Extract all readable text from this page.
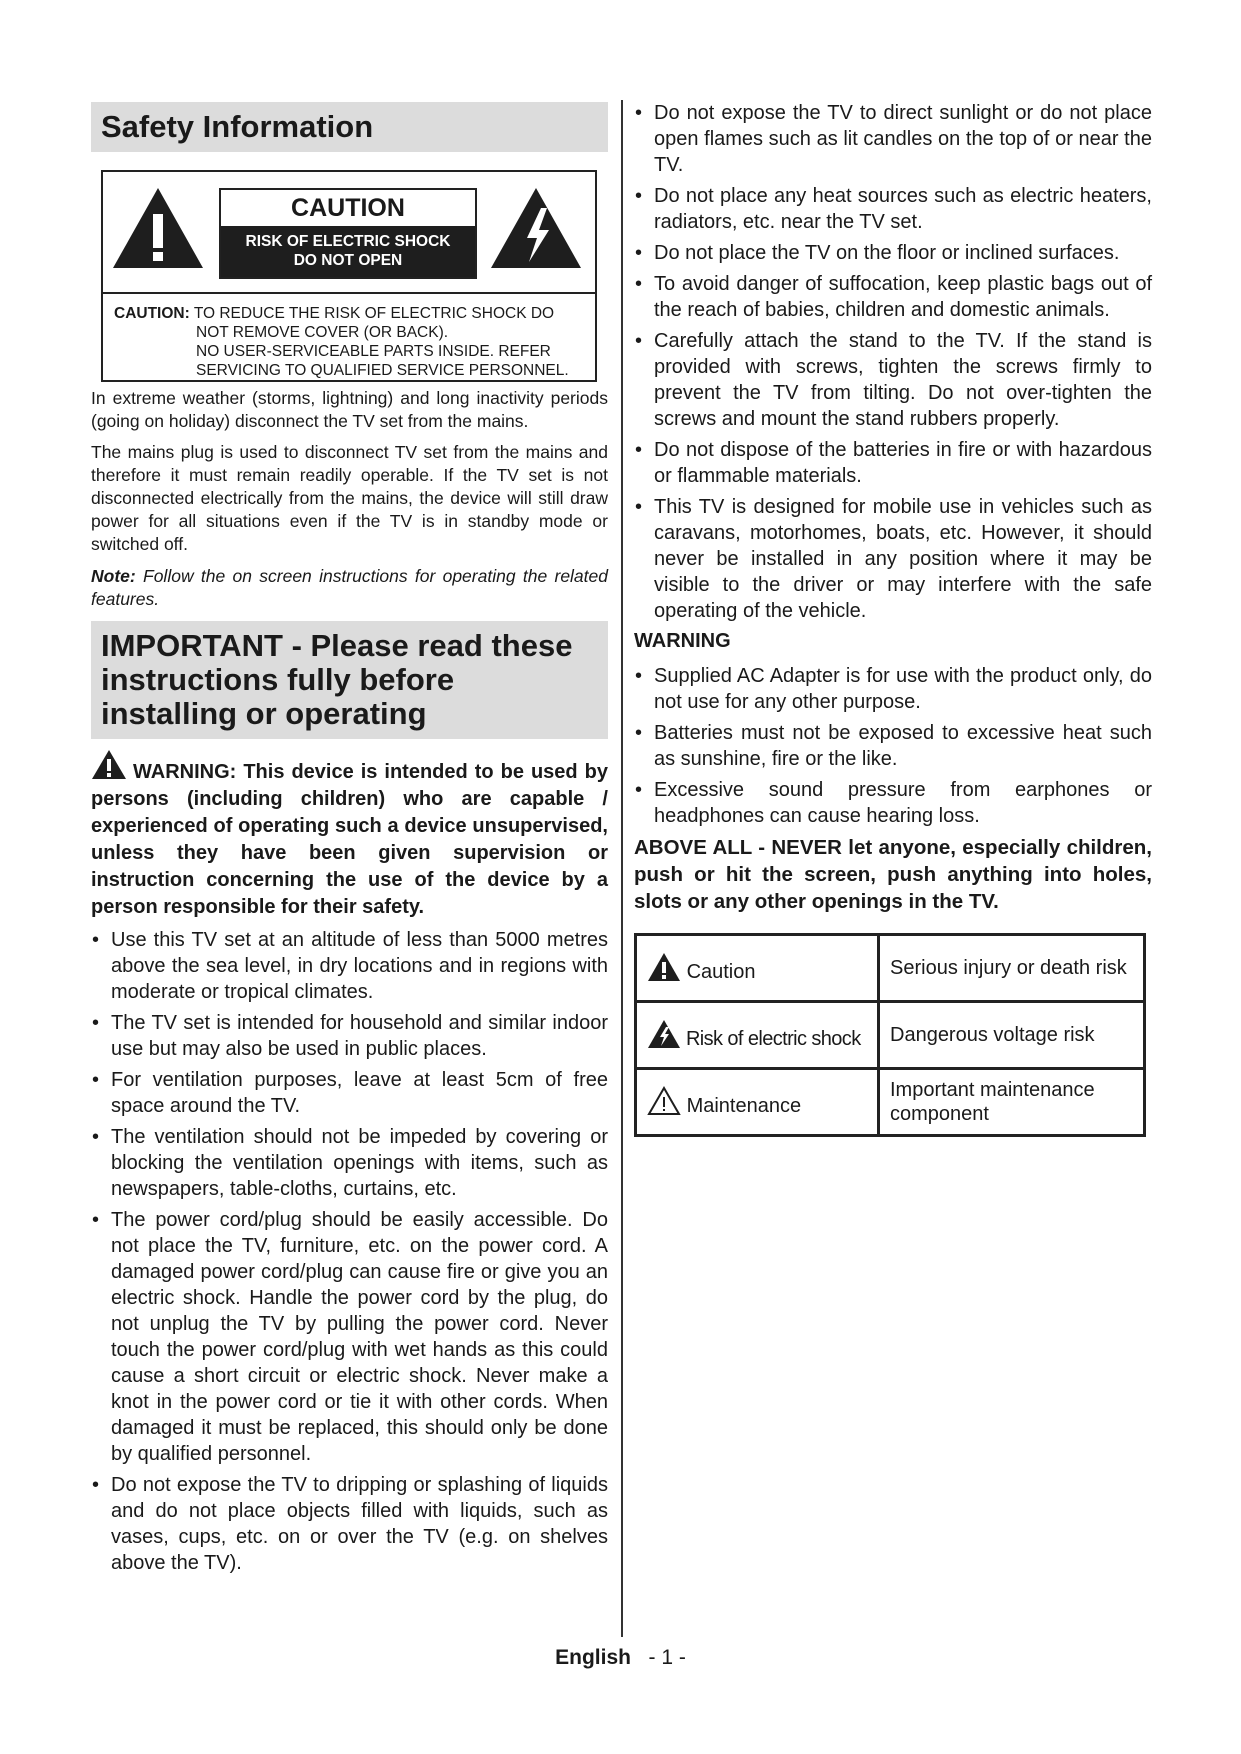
Safety Information
CAUTION
RISK OF ELECTRIC SHOCK
DO NOT OPEN
CAUTION: TO REDUCE THE RISK OF ELECTRIC SHOCK DO
NOT REMOVE COVER (OR BACK).
NO USER-SERVICEABLE PARTS INSIDE. REFER
SERVICING TO QUALIFIED SERVICE PERSONNEL.

In extreme weather (storms, lightning) and long inactivity periods (going on holiday) disconnect the TV set from the mains.

The mains plug is used to disconnect TV set from the mains and therefore it must remain readily operable. If the TV set is not disconnected electrically from the mains, the device will still draw power for all situations even if the TV is in standby mode or switched off.

Note: Follow the on screen instructions for operating the related features.

IMPORTANT - Please read these instructions fully before installing or operating
WARNING: This device is intended to be used by persons (including children) who are capable / experienced of operating such a device unsupervised, unless they have been given supervision or instruction concerning the use of the device by a person responsible for their safety.
• Use this TV set at an altitude of less than 5000 metres above the sea level, in dry locations and in regions with moderate or tropical climates.
• The TV set is intended for household and similar indoor use but may also be used in public places.
• For ventilation purposes, leave at least 5cm of free space around the TV.
• The ventilation should not be impeded by covering or blocking the ventilation openings with items, such as newspapers, table-cloths, curtains, etc.
• The power cord/plug should be easily accessible. Do not place the TV, furniture, etc. on the power cord. A damaged power cord/plug can cause fire or give you an electric shock. Handle the power cord by the plug, do not unplug the TV by pulling the power cord. Never touch the power cord/plug with wet hands as this could cause a short circuit or electric shock. Never make a knot in the power cord or tie it with other cords. When damaged it must be replaced, this should only be done by qualified personnel.
• Do not expose the TV to dripping or splashing of liquids and do not place objects filled with liquids, such as vases, cups, etc. on or over the TV (e.g. on shelves above the TV).
• Do not expose the TV to direct sunlight or do not place open flames such as lit candles on the top of or near the TV.
• Do not place any heat sources such as electric heaters, radiators, etc. near the TV set.
• Do not place the TV on the floor or inclined surfaces.
• To avoid danger of suffocation, keep plastic bags out of the reach of babies, children and domestic animals.
• Carefully attach the stand to the TV. If the stand is provided with screws, tighten the screws firmly to prevent the TV from tilting. Do not over-tighten the screws and mount the stand rubbers properly.
• Do not dispose of the batteries in fire or with hazardous or flammable materials.
• This TV is designed for mobile use in vehicles such as caravans, motorhomes, boats, etc. However, it should never be installed in any position where it may be visible to the driver or may interfere with the safe operating of the vehicle.
WARNING
• Supplied AC Adapter is for use with the product only, do not use for any other purpose.
• Batteries must not be exposed to excessive heat such as sunshine, fire or the like.
• Excessive sound pressure from earphones or headphones can cause hearing loss.
ABOVE ALL - NEVER let anyone, especially children, push or hit the screen, push anything into holes, slots or any other openings in the TV.
Caution	Serious injury or death risk
Risk of electric shock	Dangerous voltage risk
Maintenance	Important maintenance component
English - 1 -
